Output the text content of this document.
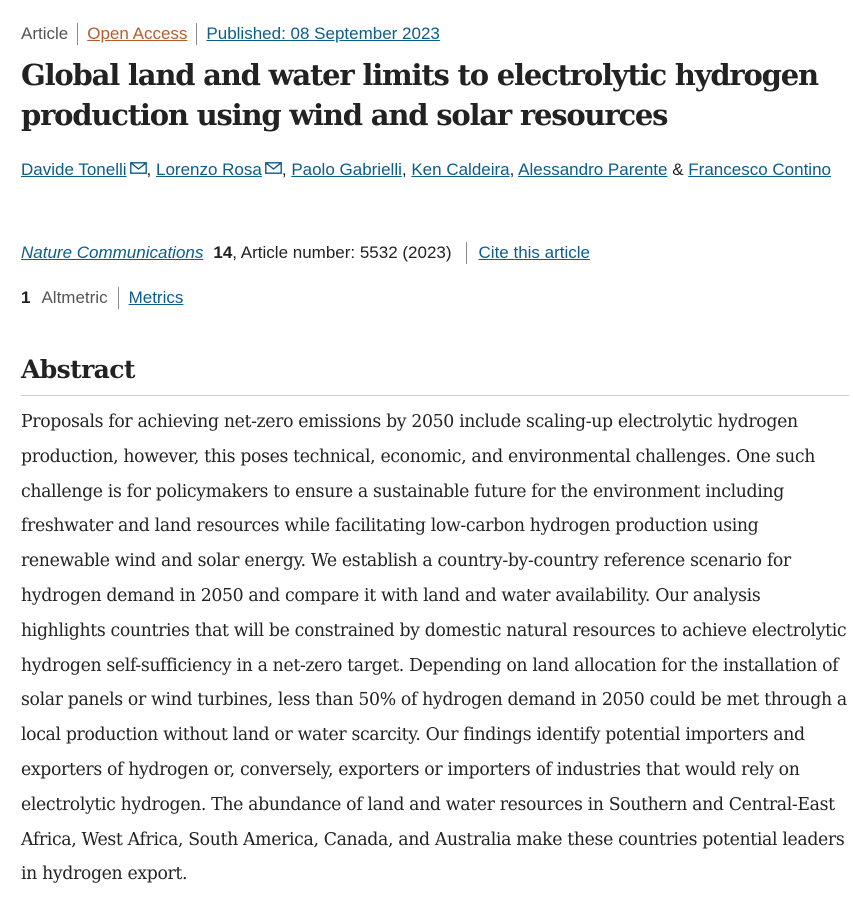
Article Open Access Published: 08 September 2023
Global land and water limits to electrolytic hydrogen production using wind and solar resources
Davide Tonelli , Lorenzo Rosa , Paolo Gabrielli, Ken Caldeira, Alessandro Parente & Francesco Contino
Nature Communications 14 , Article number: 5532 (2023) Cite this article
1 Altmetric Metrics
Abstract

Proposals for achieving net-zero emissions by 2050 include scaling-up electrolytic hydrogen production, however, this poses technical, economic, and environmental challenges. One such challenge is for policymakers to ensure a sustainable future for the environment including freshwater and land resources while facilitating low-carbon hydrogen production using renewable wind and solar energy. We establish a country-by-country reference scenario for hydrogen demand in 2050 and compare it with land and water availability. Our analysis highlights countries that will be constrained by domestic natural resources to achieve electrolytic hydrogen self-sufficiency in a net-zero target. Depending on land allocation for the installation of solar panels or wind turbines, less than 50% of hydrogen demand in 2050 could be met through a local production without land or water scarcity. Our findings identify potential importers and exporters of hydrogen or, conversely, exporters or importers of industries that would rely on electrolytic hydrogen. The abundance of land and water resources in Southern and Central-East Africa, West Africa, South America, Canada, and Australia make these countries potential leaders in hydrogen export.
